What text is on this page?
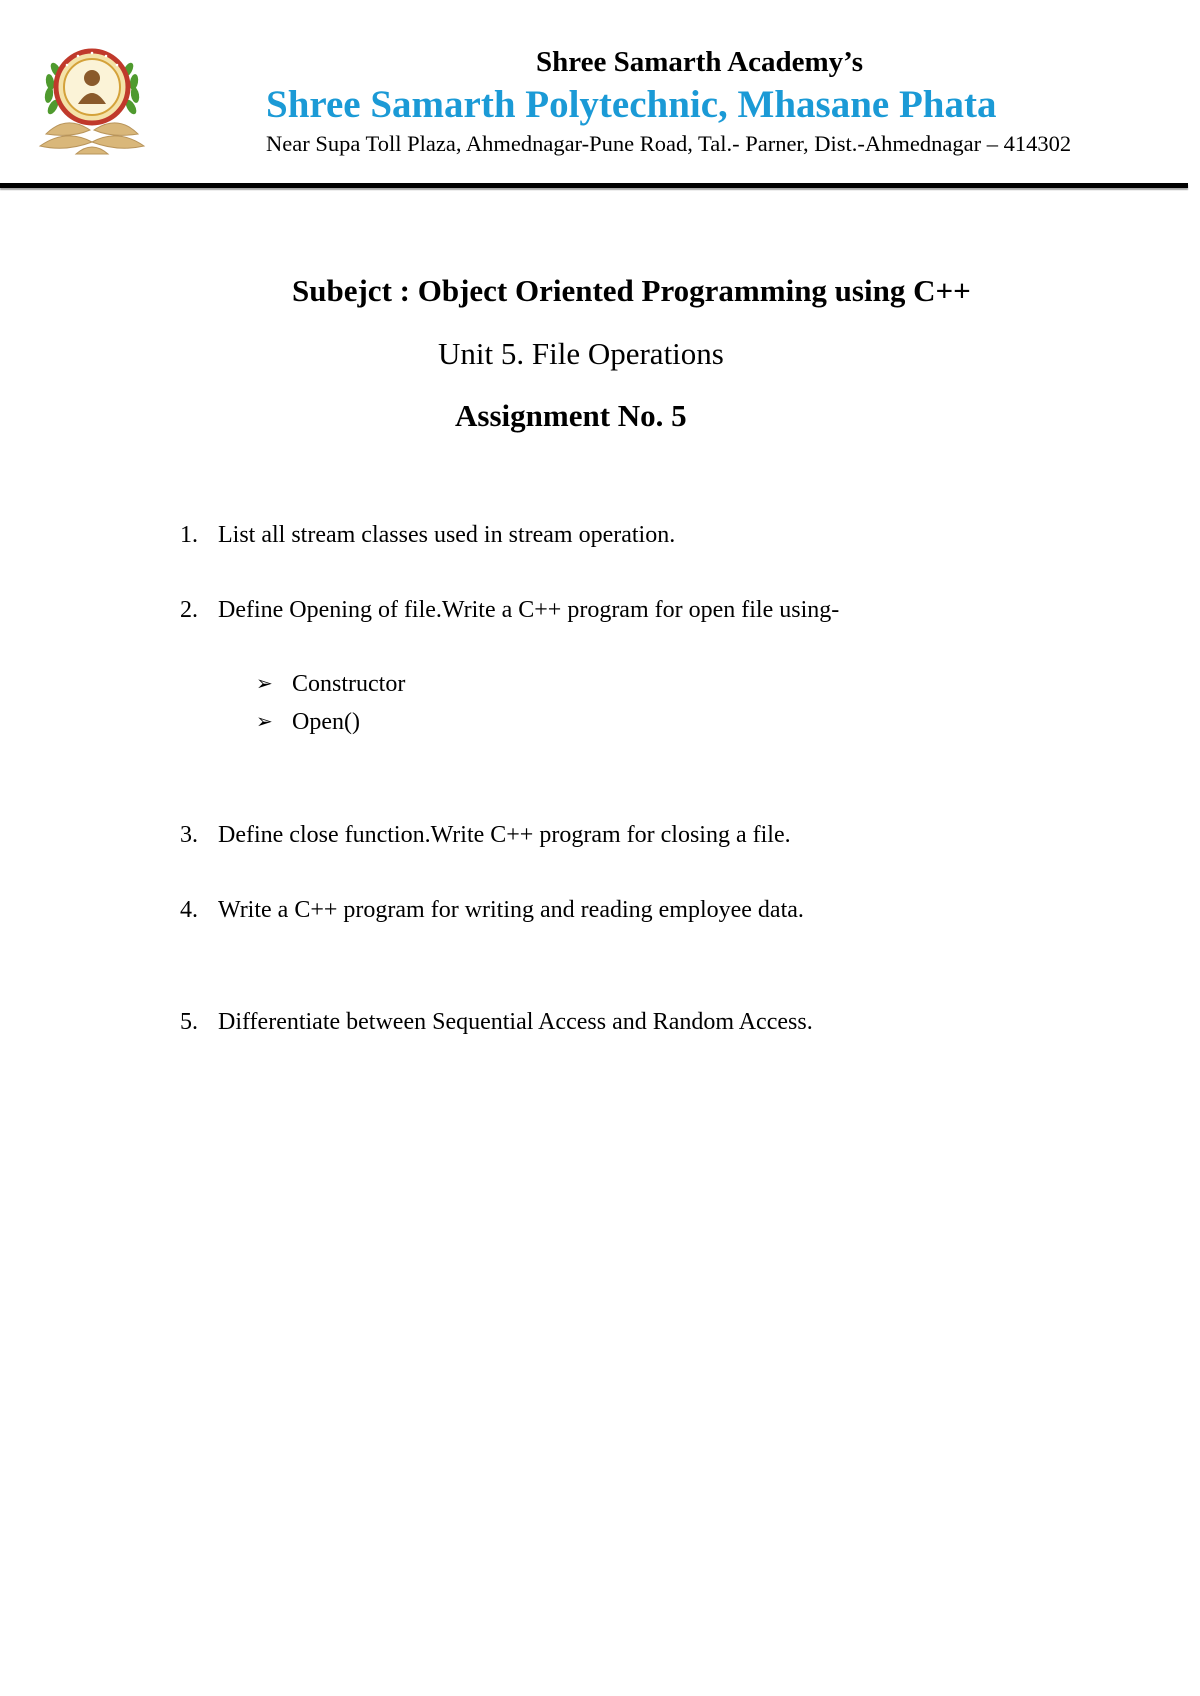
Shree Samarth Academy’s
Shree Samarth Polytechnic, Mhasane Phata
Near Supa Toll Plaza, Ahmednagar-Pune Road, Tal.- Parner, Dist.-Ahmednagar – 414302
Subejct : Object Oriented Programming using C++
Unit 5. File Operations
Assignment No. 5
1. List all stream classes used in stream operation.
2. Define Opening of file.Write a C++ program for open file using-
➢ Constructor
➢ Open()
3. Define close function.Write C++ program for closing a file.
4. Write a C++ program for writing and reading employee data.
5. Differentiate between Sequential Access and Random Access.
